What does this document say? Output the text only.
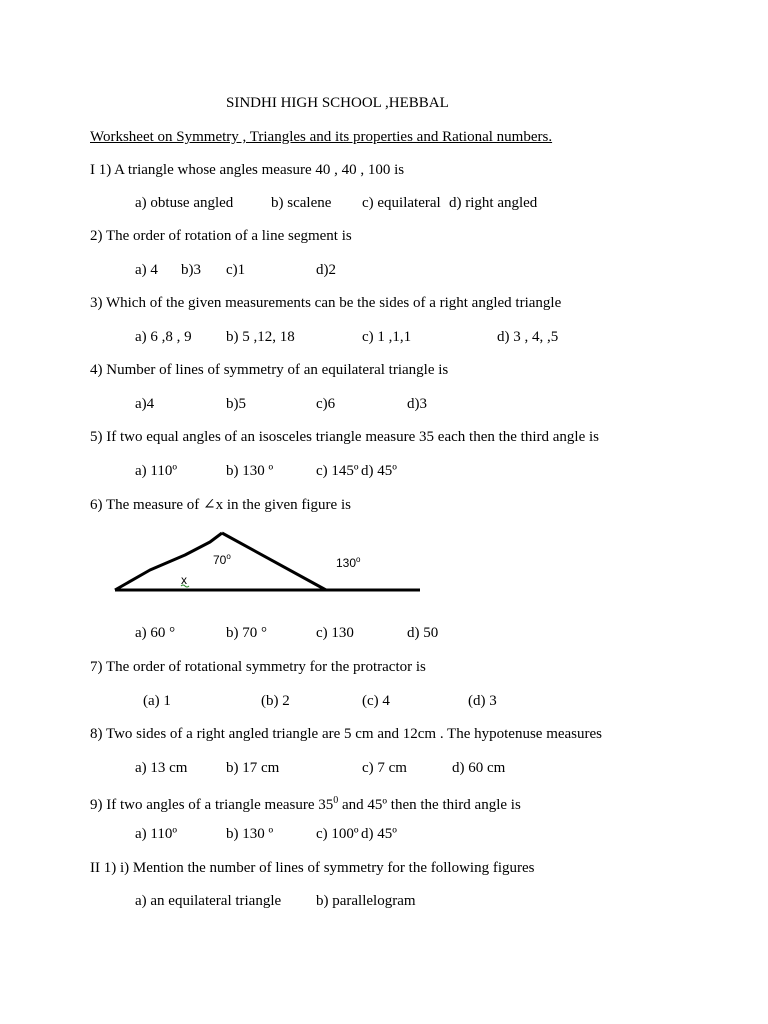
SINDHI HIGH SCHOOL ,HEBBAL
Worksheet on Symmetry , Triangles and its properties and Rational numbers.
I 1) A triangle whose angles measure 40 , 40 , 100 is
a) obtuse angled	b) scalene c) equilateral d) right angled
2) The order of rotation of a line segment is
a) 4 b)3 c)1	d)2
3) Which of the given measurements can be the sides of a right angled triangle
a) 6 ,8 , 9 b) 5 ,12, 18	c) 1 ,1,1	d) 3 , 4, ,5
4) Number of lines of symmetry of an equilateral triangle is
a)4	b)5	c)6	d)3
5) If two equal angles of an isosceles triangle measure 35 each then the third angle is
a) 110º	b) 130 º	c) 145º d) 45º
6) The measure of ∠x in the given figure is
70$^o$	130$^o$
x
a) 60 °	b) 70 °	c) 130	d) 50
7) The order of rotational symmetry for the protractor is
(a) 1	(b) 2	(c) 4	(d) 3
8) Two sides of a right angled triangle are 5 cm and 12cm . The hypotenuse measures
a) 13 cm	b) 17 cm	c) 7 cm	d) 60 cm
9) If two angles of a triangle measure $35^0$ and 45º then the third angle is
a) 110º	b) 130 º	c) 100º d) 45º
II 1) i) Mention the number of lines of symmetry for the following figures
a) an equilateral triangle b) parallelogram
